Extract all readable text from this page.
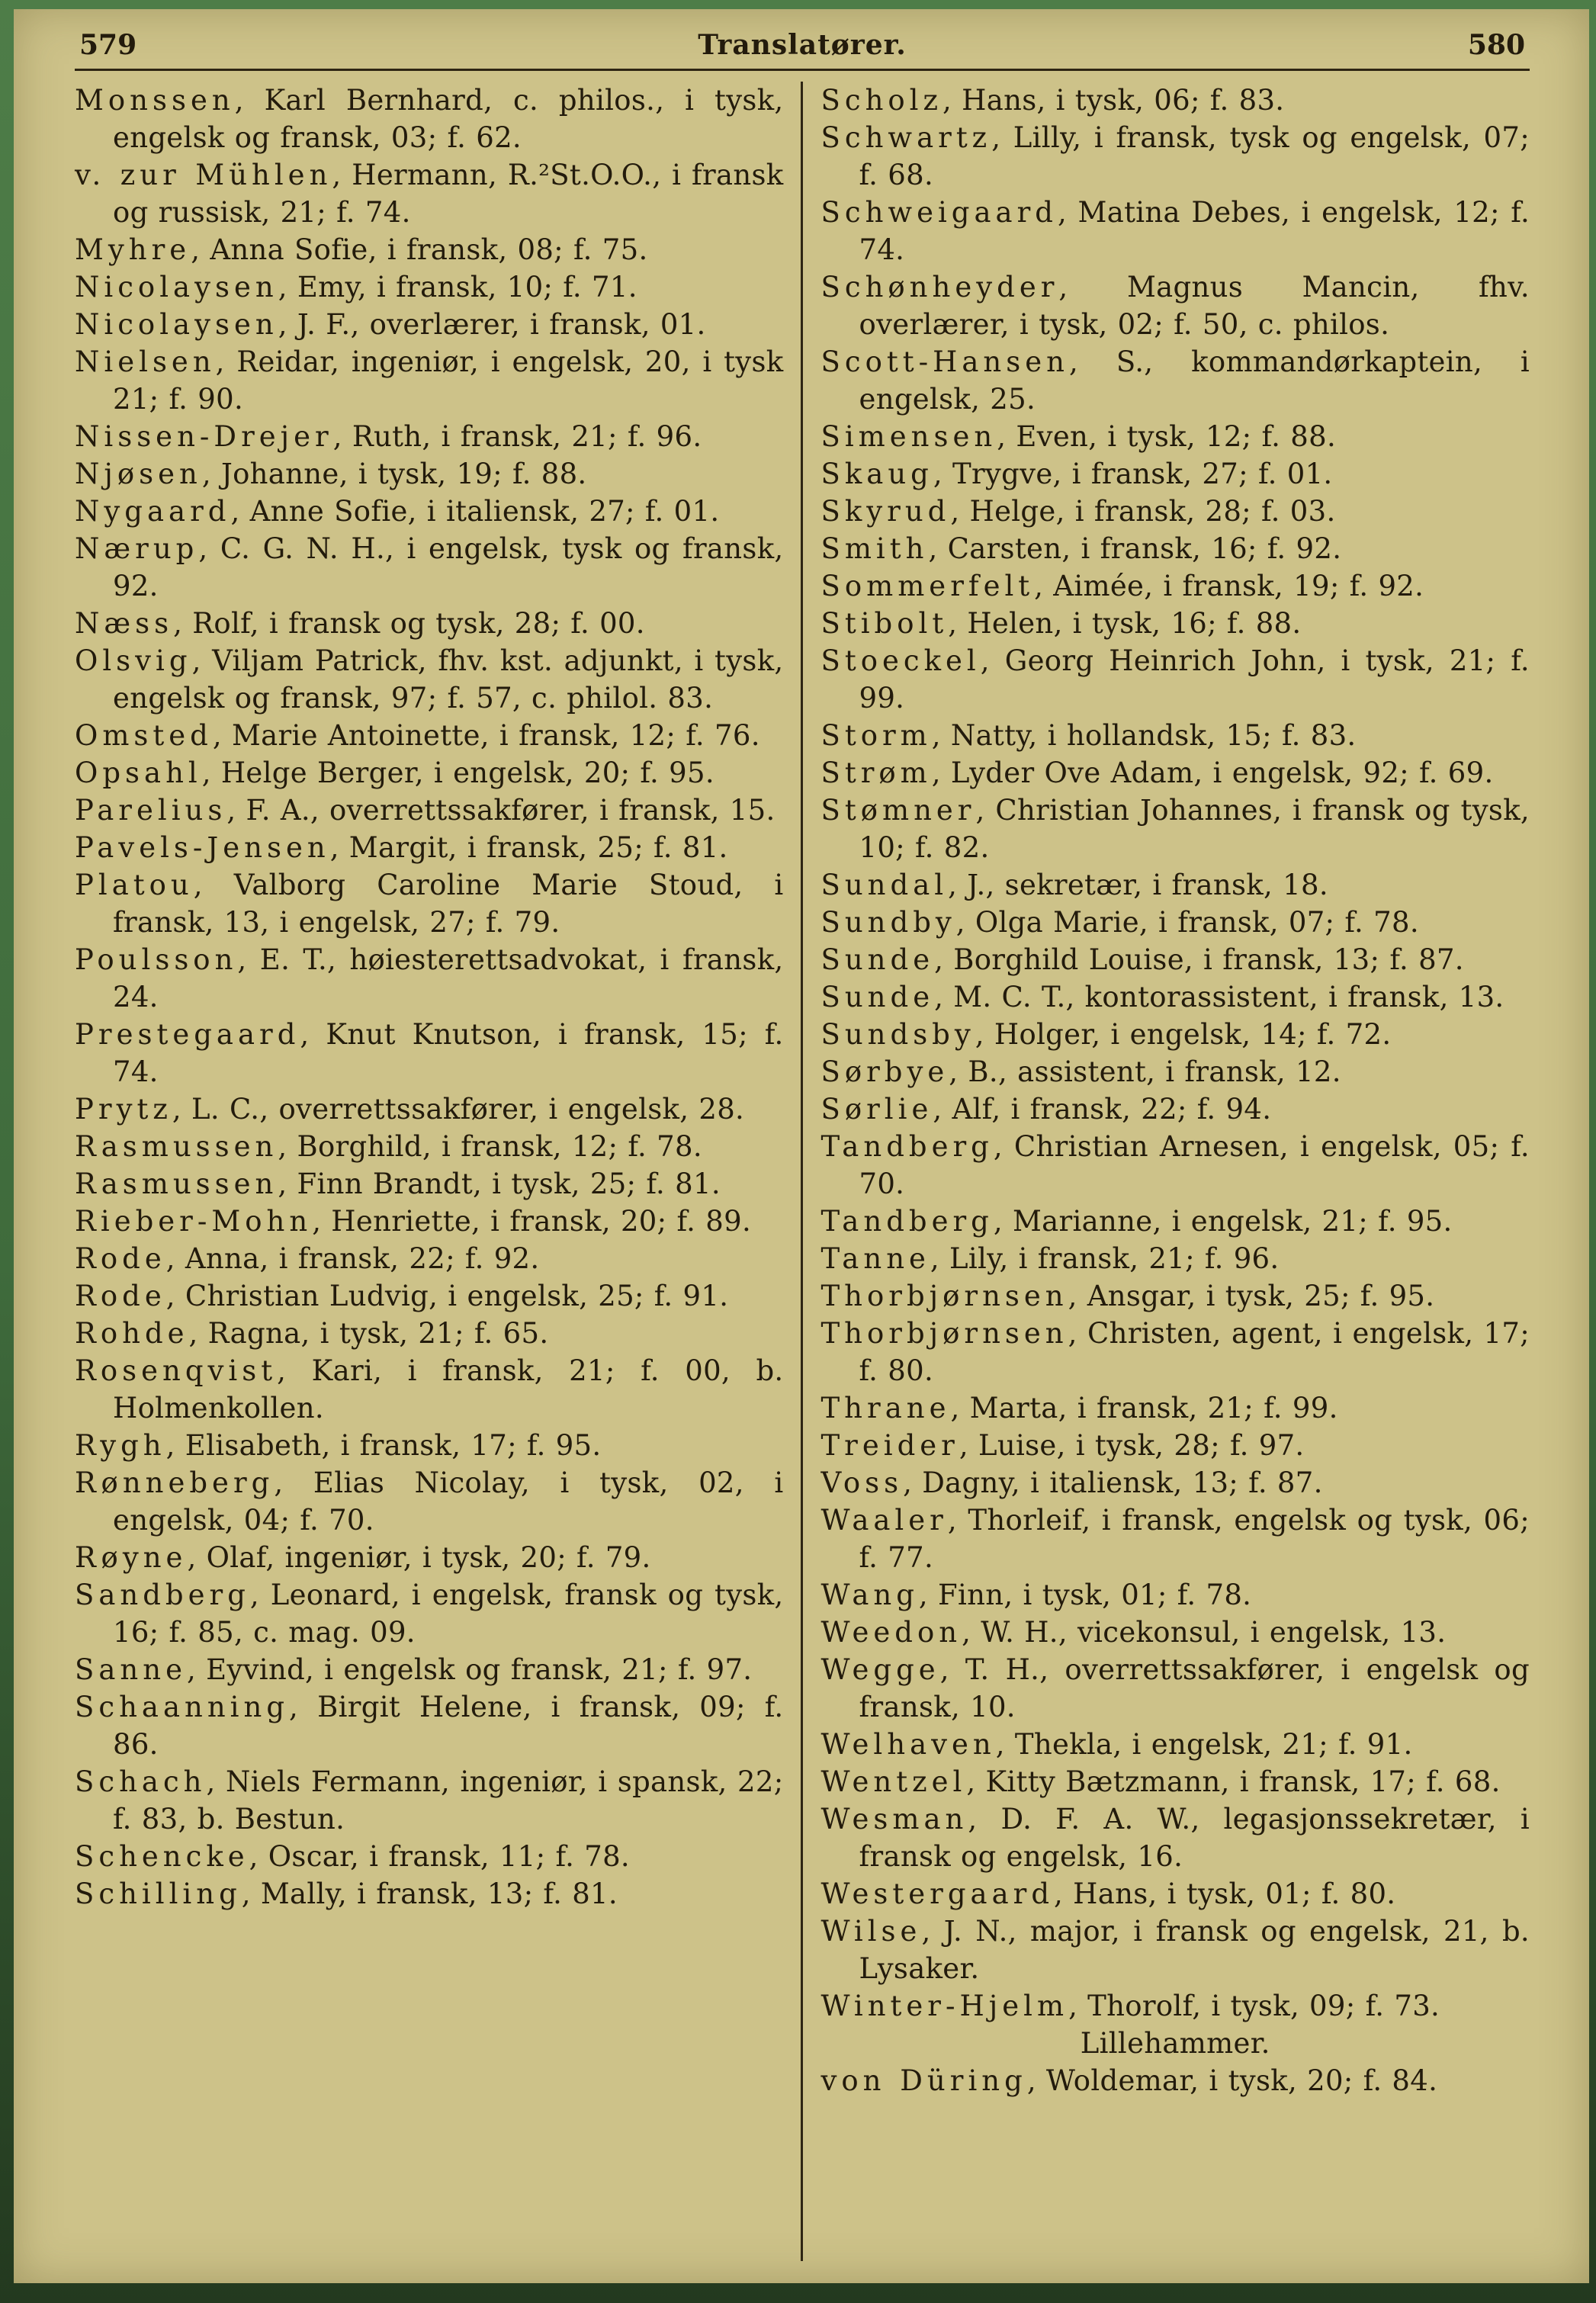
579	Translatører.	580

Monssen, Karl Bernhard, c. philos., i tysk, engelsk og fransk, 03; f. 62.

v. zur Mühlen, Hermann, R.²St.O.O., i fransk og russisk, 21; f. 74.

Myhre, Anna Sofie, i fransk, 08; f. 75.

Nicolaysen, Emy, i fransk, 10; f. 71.

Nicolaysen, J. F., overlærer, i fransk, 01.

Nielsen, Reidar, ingeniør, i engelsk, 20, i tysk 21; f. 90.

Nissen-Drejer, Ruth, i fransk, 21; f. 96.

Njøsen, Johanne, i tysk, 19; f. 88.

Nygaard, Anne Sofie, i italiensk, 27; f. 01.

Nærup, C. G. N. H., i engelsk, tysk og fransk, 92.

Næss, Rolf, i fransk og tysk, 28; f. 00.

Olsvig, Viljam Patrick, fhv. kst. adjunkt, i tysk, engelsk og fransk, 97; f. 57, c. philol. 83.

Omsted, Marie Antoinette, i fransk, 12; f. 76.

Opsahl, Helge Berger, i engelsk, 20; f. 95.

Parelius, F. A., overrettssakfører, i fransk, 15.

Pavels-Jensen, Margit, i fransk, 25; f. 81.

Platou, Valborg Caroline Marie Stoud, i fransk, 13, i engelsk, 27; f. 79.

Poulsson, E. T., høiesterettsadvokat, i fransk, 24.

Prestegaard, Knut Knutson, i fransk, 15; f. 74.

Prytz, L. C., overrettssakfører, i engelsk, 28.

Rasmussen, Borghild, i fransk, 12; f. 78.

Rasmussen, Finn Brandt, i tysk, 25; f. 81.

Rieber-Mohn, Henriette, i fransk, 20; f. 89.

Rode, Anna, i fransk, 22; f. 92.

Rode, Christian Ludvig, i engelsk, 25; f. 91.

Rohde, Ragna, i tysk, 21; f. 65.

Rosenqvist, Kari, i fransk, 21; f. 00, b. Holmenkollen.

Rygh, Elisabeth, i fransk, 17; f. 95.

Rønneberg, Elias Nicolay, i tysk, 02, i engelsk, 04; f. 70.

Røyne, Olaf, ingeniør, i tysk, 20; f. 79.

Sandberg, Leonard, i engelsk, fransk og tysk, 16; f. 85, c. mag. 09.

Sanne, Eyvind, i engelsk og fransk, 21; f. 97.

Schaanning, Birgit Helene, i fransk, 09; f. 86.

Schach, Niels Fermann, ingeniør, i spansk, 22; f. 83, b. Bestun.

Schencke, Oscar, i fransk, 11; f. 78.

Schilling, Mally, i fransk, 13; f. 81.

Scholz, Hans, i tysk, 06; f. 83.

Schwartz, Lilly, i fransk, tysk og engelsk, 07; f. 68.

Schweigaard, Matina Debes, i engelsk, 12; f. 74.

Schønheyder, Magnus Mancin, fhv. overlærer, i tysk, 02; f. 50, c. philos.

Scott-Hansen, S., kommandørkaptein, i engelsk, 25.

Simensen, Even, i tysk, 12; f. 88.

Skaug, Trygve, i fransk, 27; f. 01.

Skyrud, Helge, i fransk, 28; f. 03.

Smith, Carsten, i fransk, 16; f. 92.

Sommerfelt, Aimée, i fransk, 19; f. 92.

Stibolt, Helen, i tysk, 16; f. 88.

Stoeckel, Georg Heinrich John, i tysk, 21; f. 99.

Storm, Natty, i hollandsk, 15; f. 83.

Strøm, Lyder Ove Adam, i engelsk, 92; f. 69.

Stømner, Christian Johannes, i fransk og tysk, 10; f. 82.

Sundal, J., sekretær, i fransk, 18.

Sundby, Olga Marie, i fransk, 07; f. 78.

Sunde, Borghild Louise, i fransk, 13; f. 87.

Sunde, M. C. T., kontorassistent, i fransk, 13.

Sundsby, Holger, i engelsk, 14; f. 72.

Sørbye, B., assistent, i fransk, 12.

Sørlie, Alf, i fransk, 22; f. 94.

Tandberg, Christian Arnesen, i engelsk, 05; f. 70.

Tandberg, Marianne, i engelsk, 21; f. 95.

Tanne, Lily, i fransk, 21; f. 96.

Thorbjørnsen, Ansgar, i tysk, 25; f. 95.

Thorbjørnsen, Christen, agent, i engelsk, 17; f. 80.

Thrane, Marta, i fransk, 21; f. 99.

Treider, Luise, i tysk, 28; f. 97.

Voss, Dagny, i italiensk, 13; f. 87.

Waaler, Thorleif, i fransk, engelsk og tysk, 06; f. 77.

Wang, Finn, i tysk, 01; f. 78.

Weedon, W. H., vicekonsul, i engelsk, 13.

Wegge, T. H., overrettssakfører, i engelsk og fransk, 10.

Welhaven, Thekla, i engelsk, 21; f. 91.

Wentzel, Kitty Bætzmann, i fransk, 17; f. 68.

Wesman, D. F. A. W., legasjonssekretær, i fransk og engelsk, 16.

Westergaard, Hans, i tysk, 01; f. 80.

Wilse, J. N., major, i fransk og engelsk, 21, b. Lysaker.

Winter-Hjelm, Thorolf, i tysk, 09; f. 73.

Lillehammer.

von Düring, Woldemar, i tysk, 20; f. 84.
